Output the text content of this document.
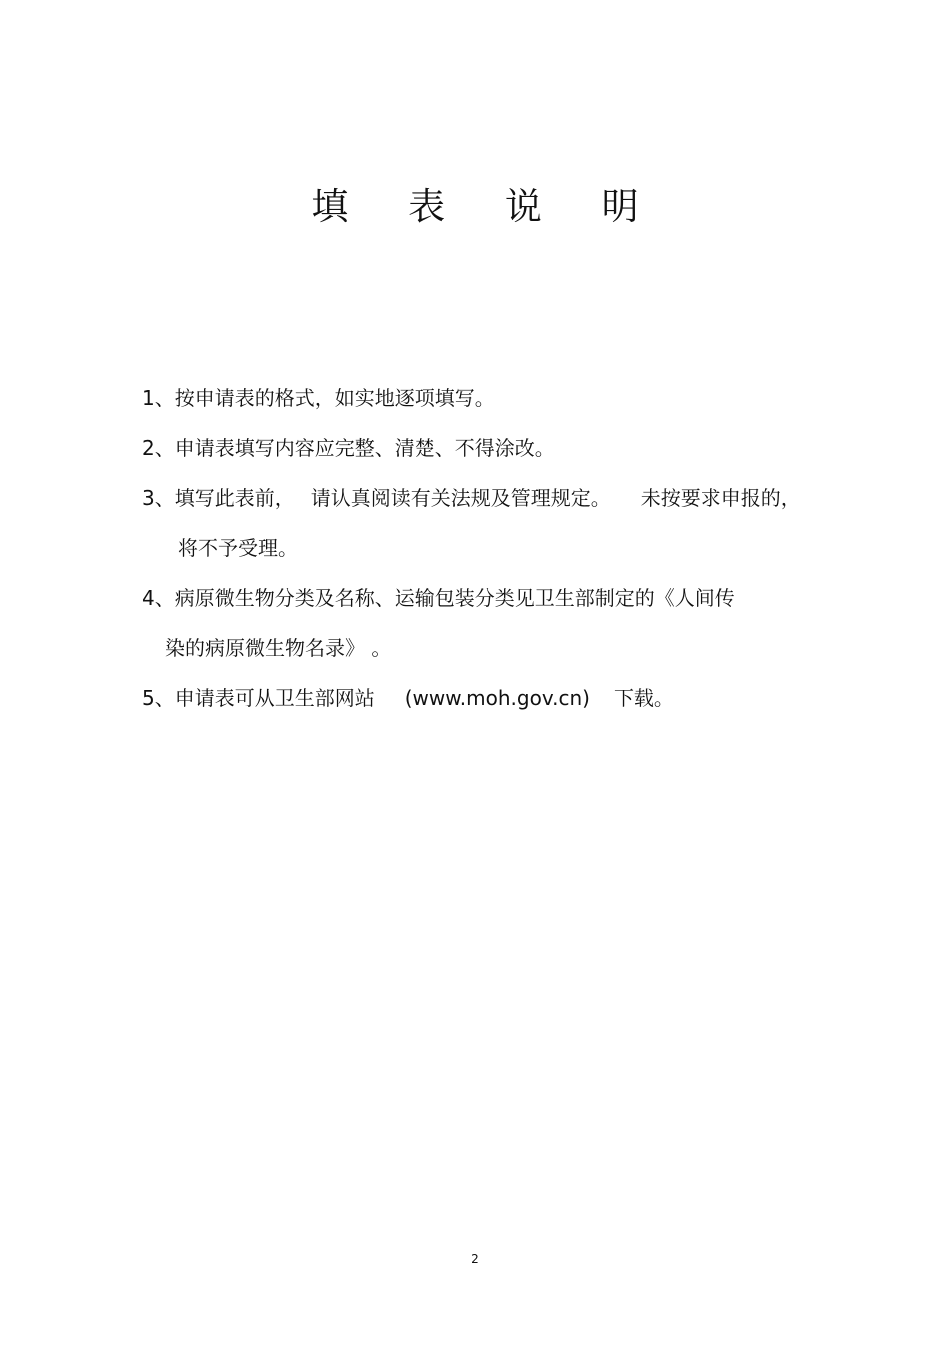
填 表 说 明

1、按申请表的格式，如实地逐项填写。

2、申请表填写内容应完整、清楚、不得涂改。

3、填写此表前， 请认真阅读有关法规及管理规定。 未按要求申报的，

将不予受理。

4、病原微生物分类及名称、运输包装分类见卫生部制定的《人间传

染的病原微生物名录》 。

5、申请表可从卫生部网站 (www.moh.gov.cn) 下载。

2
